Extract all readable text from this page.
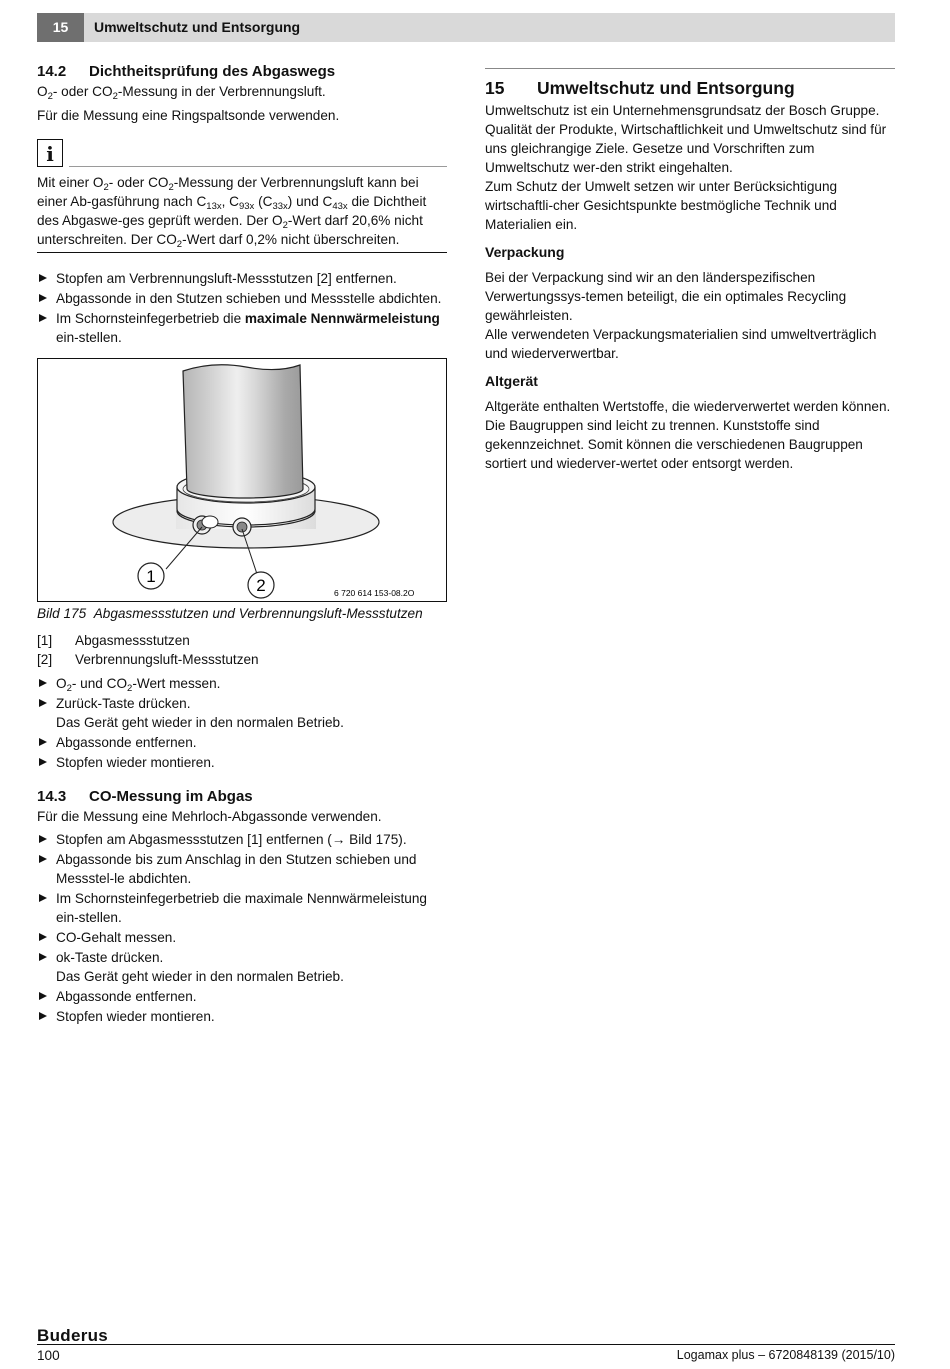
15	Umweltschutz und Entsorgung
14.2 Dichtheitsprüfung des Abgaswegs

$O_2-$ oder $CO_2$-Messung in der Verbrennungsluft.

Für die Messung eine Ringspaltsonde verwenden.

i

Mit einer $O_2-$ oder $CO_2$-Messung der Verbrennungsluft kann bei einer Ab-gasführung nach $C_{13x}$, $C_{93x}$ $(C_{33x})$ und $C_{43x}$ die Dichtheit des Abgaswe-ges geprüft werden. Der $O_2$-Wert darf 20,6% nicht unterschreiten. Der $CO_2$-Wert darf 0,2% nicht überschreiten.

Stopfen am Verbrennungsluft-Messstutzen [2] entfernen.
Abgassonde in den Stutzen schieben und Messstelle abdichten.
Im Schornsteinfegerbetrieb die maximale Nennwärmeleistung ein-stellen.
1	2	6 720 614 153-08.2O

Bild 175 Abgasmessstutzen und Verbrennungsluft-Messstutzen

[1] Abgasmessstutzen
[2] Verbrennungsluft-Messstutzen
$O_2-$ und $CO_2$-Wert messen.
Zurück-Taste drücken.
Das Gerät geht wieder in den normalen Betrieb.
Abgassonde entfernen.
Stopfen wieder montieren.
14.3 CO-Messung im Abgas

Für die Messung eine Mehrloch-Abgassonde verwenden.

Stopfen am Abgasmessstutzen [1] entfernen (→ Bild 175).
Abgassonde bis zum Anschlag in den Stutzen schieben und Messstel-le abdichten.
Im Schornsteinfegerbetrieb die maximale Nennwärmeleistung ein-stellen.
CO-Gehalt messen.
ok-Taste drücken.
Das Gerät geht wieder in den normalen Betrieb.
Abgassonde entfernen.
Stopfen wieder montieren.
15 Umweltschutz und Entsorgung

Umweltschutz ist ein Unternehmensgrundsatz der Bosch Gruppe. Qualität der Produkte, Wirtschaftlichkeit und Umweltschutz sind für uns gleichrangige Ziele. Gesetze und Vorschriften zum Umweltschutz wer-den strikt eingehalten.

Zum Schutz der Umwelt setzen wir unter Berücksichtigung wirtschaftli-cher Gesichtspunkte bestmögliche Technik und Materialien ein.

Verpackung

Bei der Verpackung sind wir an den länderspezifischen Verwertungssys-temen beteiligt, die ein optimales Recycling gewährleisten.

Alle verwendeten Verpackungsmaterialien sind umweltverträglich und wiederverwertbar.

Altgerät

Altgeräte enthalten Wertstoffe, die wiederverwertet werden können. Die Baugruppen sind leicht zu trennen. Kunststoffe sind gekennzeichnet. Somit können die verschiedenen Baugruppen sortiert und wiederver-wertet oder entsorgt werden.

Buderus
100	Logamax plus – 6720848139 (2015/10)
